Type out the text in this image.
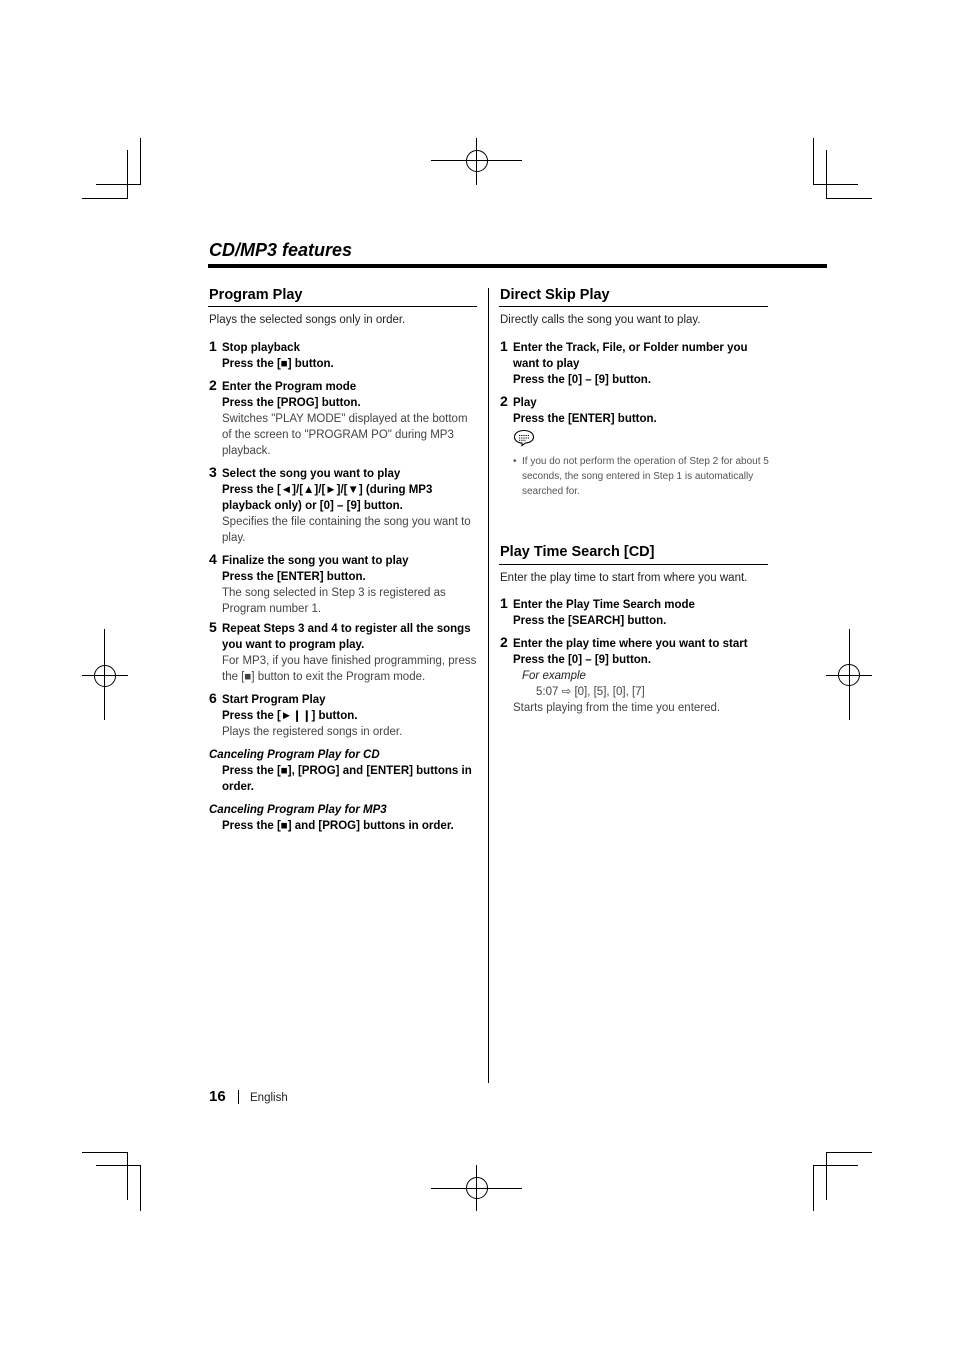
CD/MP3 features
Program Play

Plays the selected songs only in order.

1 Stop playback
Press the [■] button.
2 Enter the Program mode
Press the [PROG] button.
Switches "PLAY MODE" displayed at the bottom of the screen to "PROGRAM PO" during MP3 playback.
3 Select the song you want to play
Press the [◄]/[▲]/[►]/[▼] (during MP3 playback only) or [0] – [9] button.
Specifies the file containing the song you want to play.
4 Finalize the song you want to play
Press the [ENTER] button.
The song selected in Step 3 is registered as Program number 1.
5 Repeat Steps 3 and 4 to register all the songs you want to program play.
For MP3, if you have finished programming, press the [■] button to exit the Program mode.
6 Start Program Play
Press the [►❙❙] button.
Plays the registered songs in order.
Canceling Program Play for CD
Press the [■], [PROG] and [ENTER] buttons in order.
Canceling Program Play for MP3
Press the [■] and [PROG] buttons in order.
Direct Skip Play

Directly calls the song you want to play.

1 Enter the Track, File, or Folder number you want to play
Press the [0] – [9] button.
2 Play
Press the [ENTER] button.
• If you do not perform the operation of Step 2 for about 5 seconds, the song entered in Step 1 is automatically searched for.
Play Time Search [CD]

Enter the play time to start from where you want.

1 Enter the Play Time Search mode
Press the [SEARCH] button.
2 Enter the play time where you want to start
Press the [0] – [9] button.
For example
5:07 ⇨ [0], [5], [0], [7]
Starts playing from the time you entered.
16 English
